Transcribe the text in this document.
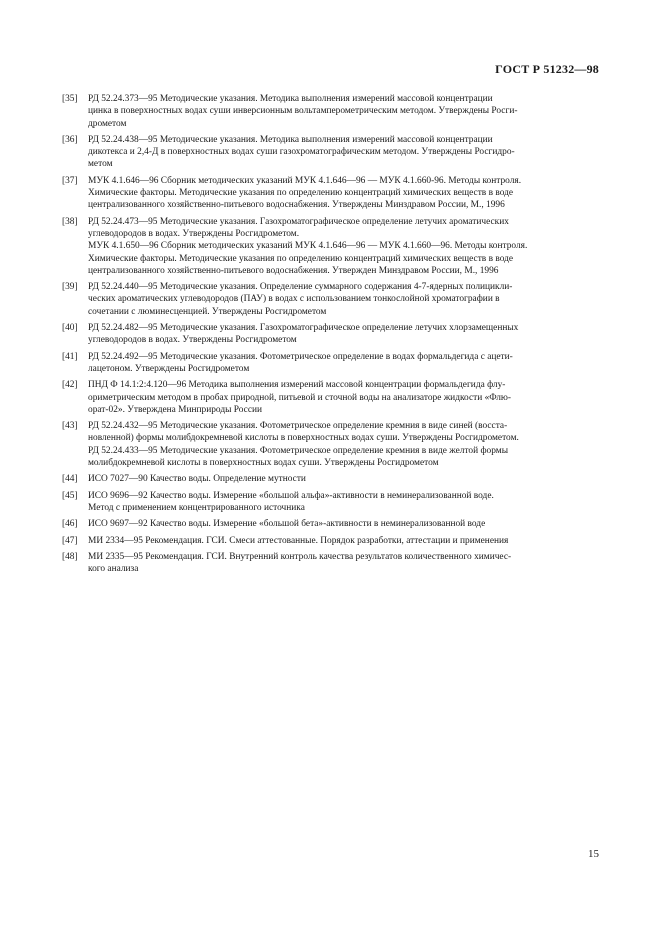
ГОСТ Р 51232—98
[35]	РД 52.24.373—95 Методические указания. Методика выполнения измерений массовой концентрации
цинка в поверхностных водах суши инверсионным вольтамперометрическим методом. Утверждены Росги-
дрометом
[36]	РД 52.24.438—95 Методические указания. Методика выполнения измерений массовой концентрации
дикотекса и 2,4-Д в поверхностных водах суши газохроматографическим методом. Утверждены Росгидро-
метом
[37]	МУК 4.1.646—96 Сборник методических указаний МУК 4.1.646—96 — МУК 4.1.660-96. Методы контроля.
Химические факторы. Методические указания по определению концентраций химических веществ в воде
централизованного хозяйственно-питьевого водоснабжения. Утверждены Минздравом России, М., 1996
[38]	РД 52.24.473—95 Методические указания. Газохроматографическое определение летучих ароматических
углеводородов в водах. Утверждены Росгидрометом.
МУК 4.1.650—96 Сборник методических указаний МУК 4.1.646—96 — МУК 4.1.660—96. Методы контроля.
Химические факторы. Методические указания по определению концентраций химических веществ в воде
централизованного хозяйственно-питьевого водоснабжения. Утвержден Минздравом России, М., 1996
[39]	РД 52.24.440—95 Методические указания. Определение суммарного содержания 4-7-ядерных полицикли-
ческих ароматических углеводородов (ПАУ) в водах с использованием тонкослойной хроматографии в
сочетании с люминесценцией. Утверждены Росгидрометом
[40]	РД 52.24.482—95 Методические указания. Газохроматографическое определение летучих хлорзамещенных
углеводородов в водах. Утверждены Росгидрометом
[41]	РД 52.24.492—95 Методические указания. Фотометрическое определение в водах формальдегида с ацети-
лацетоном. Утверждены Росгидрометом
[42]	ПНД Ф 14.1:2:4.120—96 Методика выполнения измерений массовой концентрации формальдегида флу-
ориметрическим методом в пробах природной, питьевой и сточной воды на анализаторе жидкости «Флю-
орат-02». Утверждена Минприроды России
[43]	РД 52.24.432—95 Методические указания. Фотометрическое определение кремния в виде синей (восста-
новленной) формы молибдокремневой кислоты в поверхностных водах суши. Утверждены Росгидрометом.
РД 52.24.433—95 Методические указания. Фотометрическое определение кремния в виде желтой формы
молибдокремневой кислоты в поверхностных водах суши. Утверждены Росгидрометом
[44]	ИСО 7027—90 Качество воды. Определение мутности
[45]	ИСО 9696—92 Качество воды. Измерение «большой альфа»-активности в неминерализованной воде.
Метод с применением концентрированного источника
[46]	ИСО 9697—92 Качество воды. Измерение «большой бета»-активности в неминерализованной воде
[47]	МИ 2334—95 Рекомендация. ГСИ. Смеси аттестованные. Порядок разработки, аттестации и применения
[48]	МИ 2335—95 Рекомендация. ГСИ. Внутренний контроль качества результатов количественного химичес-
кого анализа
15
